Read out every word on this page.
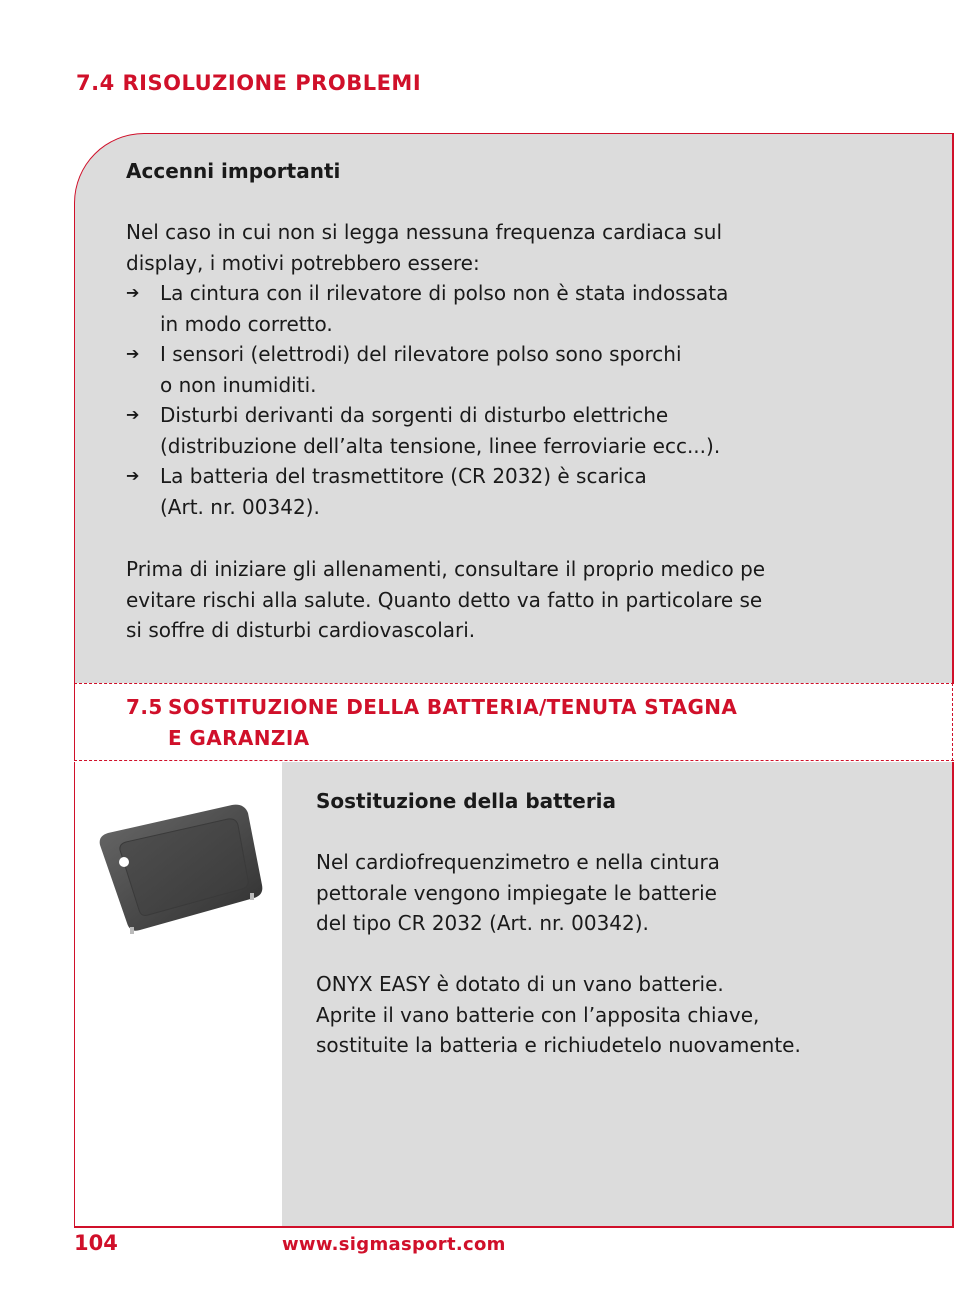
7.4 RISOLUZIONE PROBLEMI
Accenni importanti
Nel caso in cui non si legga nessuna frequenza cardiaca sul
display, i motivi potrebbero essere:
➔ La cintura con il rilevatore di polso non è stata indossata
in modo corretto.
➔ I sensori (elettrodi) del rilevatore polso sono sporchi
o non inumiditi.
➔ Disturbi derivanti da sorgenti di disturbo elettriche
(distribuzione dell’alta tensione, linee ferroviarie ecc...).
➔ La batteria del trasmettitore (CR 2032) è scarica
(Art. nr. 00342).
Prima di iniziare gli allenamenti, consultare il proprio medico pe
evitare rischi alla salute. Quanto detto va fatto in particolare se
si soffre di disturbi cardiovascolari.
7.5 SOSTITUZIONE DELLA BATTERIA/TENUTA STAGNA
E GARANZIA
Sostituzione della batteria
Nel cardiofrequenzimetro e nella cintura
pettorale vengono impiegate le batterie
del tipo CR 2032 (Art. nr. 00342).
ONYX EASY è dotato di un vano batterie.
Aprite il vano batterie con l’apposita chiave,
sostituite la batteria e richiudetelo nuovamente.
104	www.sigmasport.com
